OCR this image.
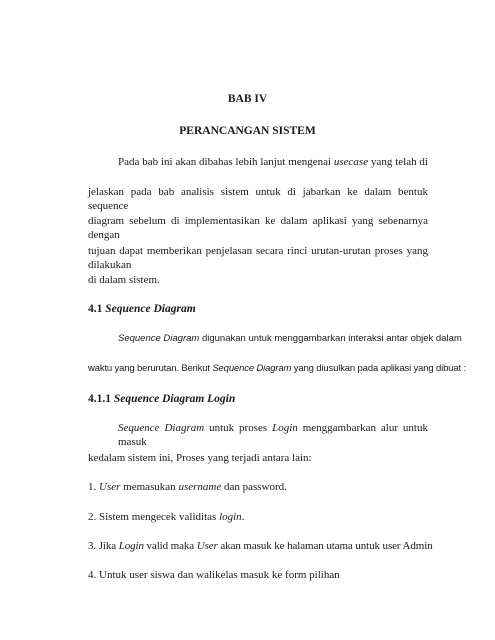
BAB IV
PERANCANGAN SISTEM
Pada bab ini akan dibahas lebih lanjut mengenai usecase yang telah di
jelaskan pada bab analisis sistem untuk di jabarkan ke dalam bentuk sequence
diagram sebelum di implementasikan ke dalam aplikasi yang sebenarnya dengan
tujuan dapat memberikan penjelasan secara rinci urutan-urutan proses yang dilakukan
di dalam sistem.
4.1 Sequence Diagram
Sequence Diagram digunakan untuk menggambarkan interaksi antar objek dalam
waktu yang berurutan. Berikut Sequence Diagram yang diusulkan pada aplikasi yang dibuat :
4.1.1 Sequence Diagram Login
Sequence Diagram untuk proses Login menggambarkan alur untuk masuk
kedalam sistem ini, Proses yang terjadi antara lain:
1. User memasukan username dan password.
2. Sistem mengecek validitas login.
3. Jika Login valid maka User akan masuk ke halaman utama untuk user Admin
4. Untuk user siswa dan walikelas masuk ke form pilihan
